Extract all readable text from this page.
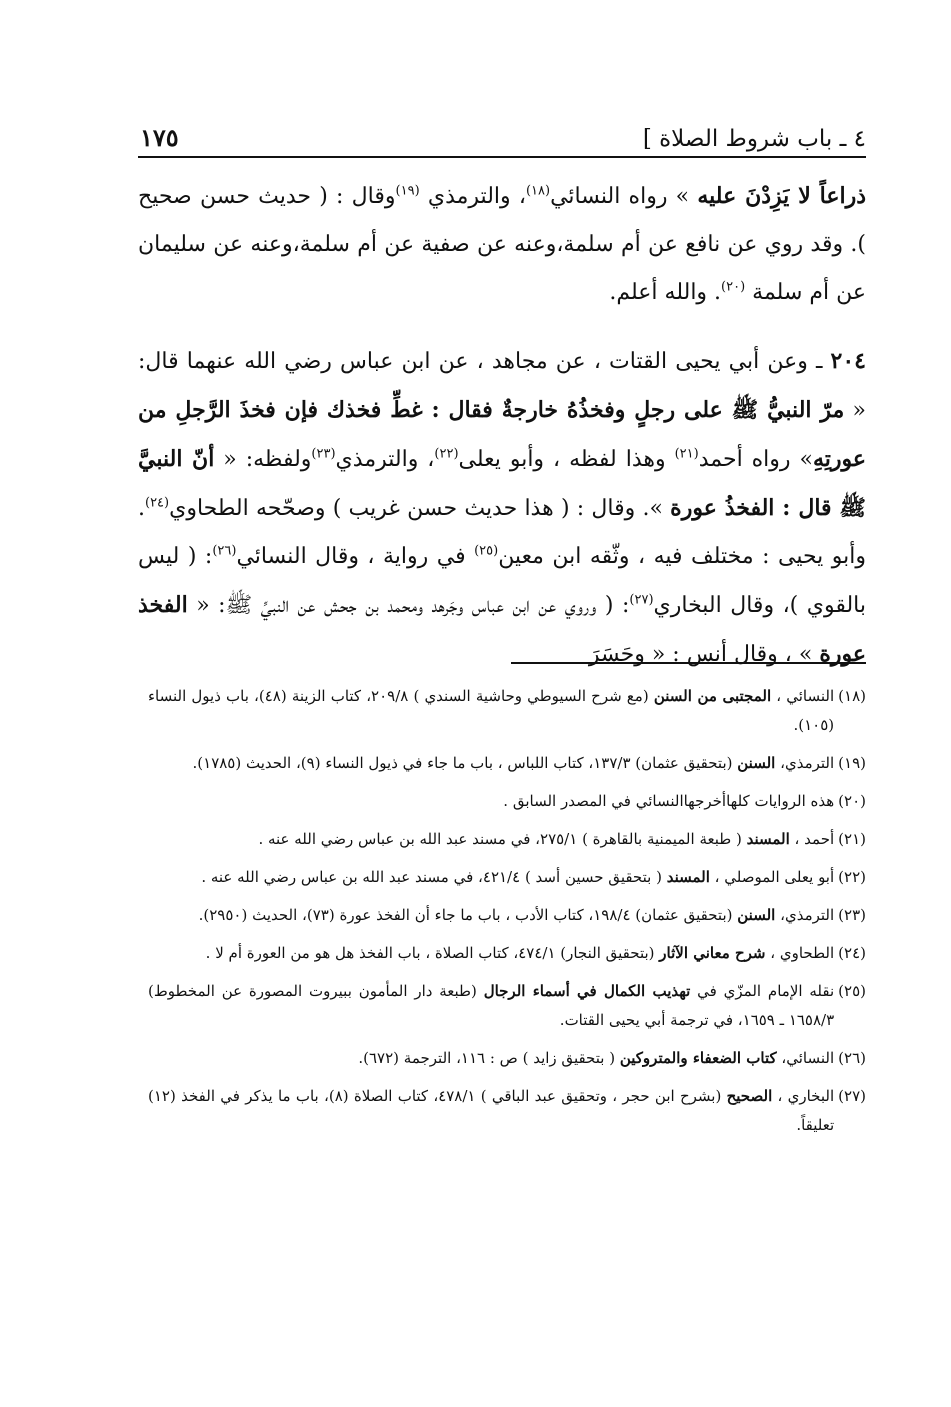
٤ ـ باب شروط الصلاة ]
١٧٥

ذراعاً لا يَزِدْنَ عليه » رواه النسائي$^{(١٨)}$، والترمذي $^{(١٩)}$وقال : ( حديث حسن صحيح ). وقد روي عن نافع عن أم سلمة،وعنه عن صفية عن أم سلمة،وعنه عن سليمان عن أم سلمة $^{(٢٠)}$. والله أعلم.

٢٠٤ ـ وعن أبي يحيى القتات ، عن مجاهد ، عن ابن عباس رضي الله عنهما قال: « مرّ النبيُّ ﷺ على رجلٍ وفخذُهُ خارجةٌ فقال : غطِّ فخذك فإن فخذَ الرَّجلِ من عورتِهِ» رواه أحمد$^{(٢١)}$ وهذا لفظه ، وأبو يعلى$^{(٢٢)}$، والترمذي$^{(٢٣)}$ولفظه: « أنّ النبيَّ ﷺ قال : الفخذُ عورة ». وقال : ( هذا حديث حسن غريب ) وصحّحه الطحاوي$^{(٢٤)}$. وأبو يحيى : مختلف فيه ، وثّقه ابن معين$^{(٢٥)}$ في رواية ، وقال النسائي$^{(٢٦)}$: ( ليس بالقوي )، وقال البخاري$^{(٢٧)}$: ( وروي عن ابن عباس وجَرهد ومحمد بن جحش عن النبيِّ ﷺ: « الفخذ عورة » ، وقال أنس : « وحَسَرَ

(١٨)
النسائي ، المجتبى من السنن (مع شرح السيوطي وحاشية السندي ) ٢٠٩/٨، كتاب الزينة (٤٨)، باب ذيول النساء (١٠٥).
(١٩)
الترمذي، السنن (بتحقيق عثمان) ١٣٧/٣، كتاب اللباس ، باب ما جاء في ذيول النساء (٩)، الحديث (١٧٨٥).
(٢٠)
هذه الروايات كلهاأخرجهاالنسائي في المصدر السابق .
(٢١)
أحمد ، المسند ( طبعة الميمنية بالقاهرة ) ٢٧٥/١، في مسند عبد الله بن عباس رضي الله عنه .
(٢٢)
أبو يعلى الموصلي ، المسند ( بتحقيق حسين أسد ) ٤٢١/٤، في مسند عبد الله بن عباس رضي الله عنه .
(٢٣)
الترمذي، السنن (بتحقيق عثمان) ١٩٨/٤، كتاب الأدب ، باب ما جاء أن الفخذ عورة (٧٣)، الحديث (٢٩٥٠).
(٢٤)
الطحاوي ، شرح معاني الآثار (بتحقيق النجار) ٤٧٤/١، كتاب الصلاة ، باب الفخذ هل هو من العورة أم لا .
(٢٥)
نقله الإمام المزّي في تهذيب الكمال في أسماء الرجال (طبعة دار المأمون ببيروت المصورة عن المخطوط) ١٦٥٨/٣ ـ ١٦٥٩، في ترجمة أبي يحيى القتات.
(٢٦)
النسائي، كتاب الضعفاء والمتروكين ( بتحقيق زايد ) ص : ١١٦، الترجمة (٦٧٢).
(٢٧)
البخاري ، الصحيح (بشرح ابن حجر ، وتحقيق عبد الباقي ) ٤٧٨/١، كتاب الصلاة (٨)، باب ما يذكر في الفخذ (١٢) تعليقاً.
